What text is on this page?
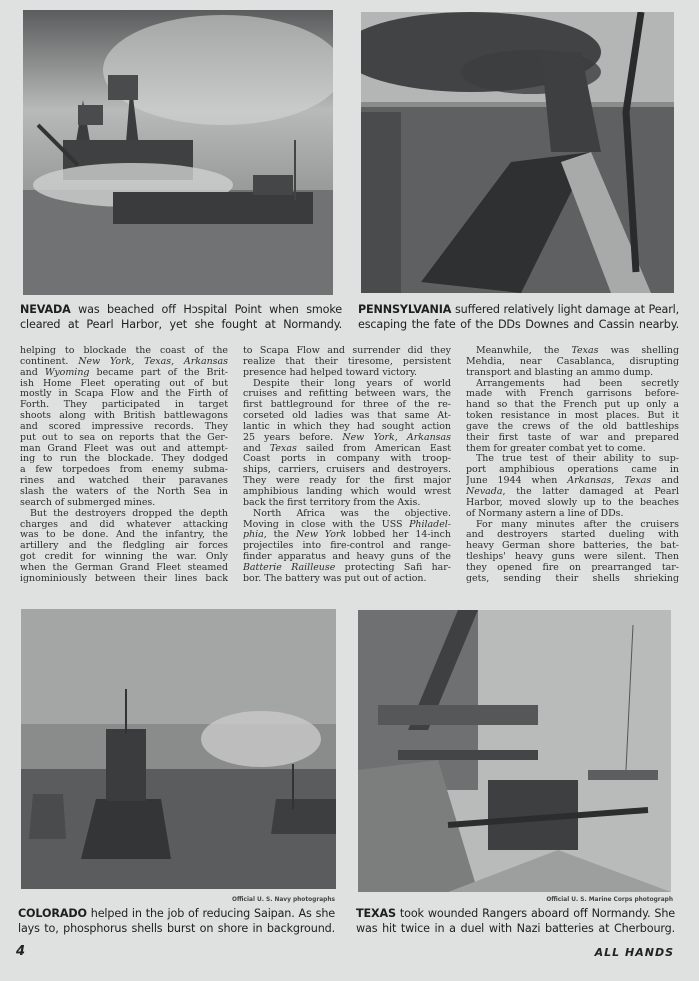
NEVADA was beached off Hɔspital Point when smoke
cleared at Pearl Harbor, yet she fought at Normandy.
PENNSYLVANIA suffered relatively light damage at Pearl,
escaping the fate of the DDs Downes and Cassin nearby.
Official U. S. Navy photographs	Official U. S. Marine Corps photograph
COLORADO helped in the job of reducing Saipan. As she
lays to, phosphorus shells burst on shore in background.
TEXAS took wounded Rangers aboard off Normandy. She
was hit twice in a duel with Nazi batteries at Cherbourg.
helping to blockade the coast of the
continent. New York, Texas, Arkansas
and Wyoming became part of the Brit-
ish Home Fleet operating out of but
mostly in Scapa Flow and the Firth of
Forth. They participated in target
shoots along with British battlewagons
and scored impressive records. They
put out to sea on reports that the Ger-
man Grand Fleet was out and attempt-
ing to run the blockade. They dodged
a few torpedoes from enemy subma-
rines and watched their paravanes
slash the waters of the North Sea in
search of submerged mines.
But the destroyers dropped the depth
charges and did whatever attacking
was to be done. And the infantry, the
artillery and the fledgling air forces
got credit for winning the war. Only
when the German Grand Fleet steamed
ignominiously between their lines back
to Scapa Flow and surrender did they
realize that their tiresome, persistent
presence had helped toward victory.
Despite their long years of world
cruises and refitting between wars, the
first battleground for three of the re-
corseted old ladies was that same At-
lantic in which they had sought action
25 years before. New York, Arkansas
and Texas sailed from American East
Coast ports in company with troop-
ships, carriers, cruisers and destroyers.
They were ready for the first major
amphibious landing which would wrest
back the first territory from the Axis.
North Africa was the objective.
Moving in close with the USS Philadel-
phia, the New York lobbed her 14-inch
projectiles into fire-control and range-
finder apparatus and heavy guns of the
Batterie Railleuse protecting Safi har-
bor. The battery was put out of action.
Meanwhile, the Texas was shelling
Mehdia, near Casablanca, disrupting
transport and blasting an ammo dump.
Arrangements had been secretly
made with French garrisons before-
hand so that the French put up only a
token resistance in most places. But it
gave the crews of the old battleships
their first taste of war and prepared
them for greater combat yet to come.
The true test of their ability to sup-
port amphibious operations came in
June 1944 when Arkansas, Texas and
Nevada, the latter damaged at Pearl
Harbor, moved slowly up to the beaches
of Normany astern a line of DDs.
For many minutes after the cruisers
and destroyers started dueling with
heavy German shore batteries, the bat-
tleships' heavy guns were silent. Then
they opened fire on prearranged tar-
gets, sending their shells shrieking
4	ALL HANDS
